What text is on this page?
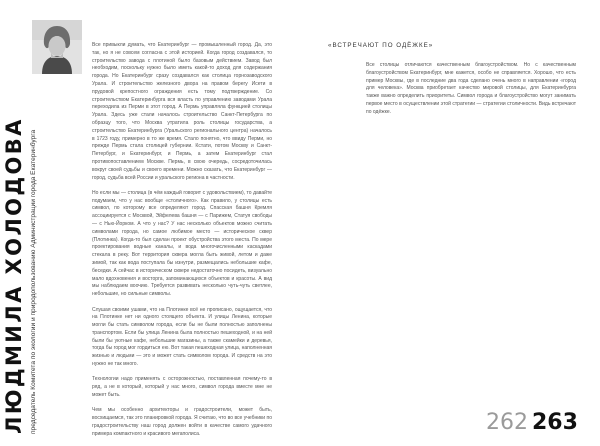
ЛЮДМИЛА ХОЛОДОВА председатель Комитета по экологии и природопользованию Администрации города Екатеринбурга

Все привыкли думать, что Екатеринбург — промышленный город. Да, это так, но я не совсем согласна с этой историей. Когда город создавался, то строительство завода с плотиной было базовым действием. Завод был необходим, поскольку нужно было иметь какой-то доход для содержания города. Но Екатеринбург сразу создавался как столица горнозаводского Урала. И строительство железного двора на правом берегу Исети в прудовой крепостного ограждения есть тому подтверждение. Со строительством Екатеринбурга вся власть по управлению заводами Урала переходила из Перми в этот город. А Пермь управляла функцией столицы Урала. Здесь уже стали началось строительство Санкт-Петербурга по образцу того, что Москва утратила роль столицы государства, а строительство Екатеринбурга (Уральского регионального центра) началось в 1723 году, примерно в то же время. Стало понятно, что ввиду Перми, но прежде Пермь стала столицей губернии. Кстати, потом Москву и Санкт-Петербург, и Екатеринбург, и Пермь, а затем Екатеринбург стал противопоставлением Москве. Пермь, в свою очередь, сосредоточилась вокруг своей судьбы и своего времени. Можно сказать, что Екатеринбург — город, судьба всей России и уральского региона в частности.

Но если мы — столица (в чём каждый говорит с удовольствием), то давайте подумаем, что у нас вообще «столичного». Как правило, у столицы есть символ, по которому все определяют город. Спасская башня Кремля ассоциируется с Москвой, Эйфелева башня — с Парижем, Статуя свободы — с Нью-Йорком. А что у нас? У нас несколько объектов можно считать символами города, но самое любимое место — историческое сквер (Плотинка). Когда-то был сделан проект обустройства этого места. По мере проектирования водные каналы, и вода многочисленными каскадами стекала в реку. Вот территория сквера могла быть живой, летом и даже зимой, так как вода поступала бы изнутри, размещались небольшие кафе, беседки. А сейчас в историческом сквере недостаточно посидеть, визуально мало вдохновения и восторга, запоминающихся объектов и красоты. А вид мы наблюдаем воочию. Требуется развивать несколько чуть-чуть светлее, небольшие, но сильные символы.

Слушая своими ушами, что на Плотинке всё не прописано, ощущается, что на Плотинке нет ни одного стоящего объекта. И улицы Ленина, которые могли бы стать символом города, если бы не были полностью заполнены транспортом. Если бы улица Ленина была полностью пешеходной, и на ней были бы уютные кафе, небольшие магазины, а также скамейки и деревья, тогда бы город мог гордиться ею. Вот такая пешеходная улица, наполненная жизнью и людьми — это и может стать символом города. И средств на это нужно не так много.

Технологии надо применять с осторожностью, поставленная почему-то в ряд, а не в который, который у нас много, символ города вместе мне не может быть.

Чем мы особенно архитекторы и градостроители, может быть, восхищаемся, так это планировкой города. Я считаю, что во все учебники по градостроительству наш город должен войти в качестве самого удачного примера компактного и красивого мегаполиса.

«ВСТРЕЧАЮТ ПО ОДЁЖКЕ»

Все столицы отличаются качественным благоустройством. Но с качественным благоустройством Екатеринбург, мне кажется, особо не справляется. Хорошо, что есть пример Москвы, где в последние два года сделано очень много в направлении «город для человека». Москва приобретает качество мировой столицы, для Екатеринбурга также важно определить приоритеты. Символ города и благоустройство могут занимать первое место в осуществлении этой стратегии — стратегии столичности. Видь встречают по одёжке.

262 263
